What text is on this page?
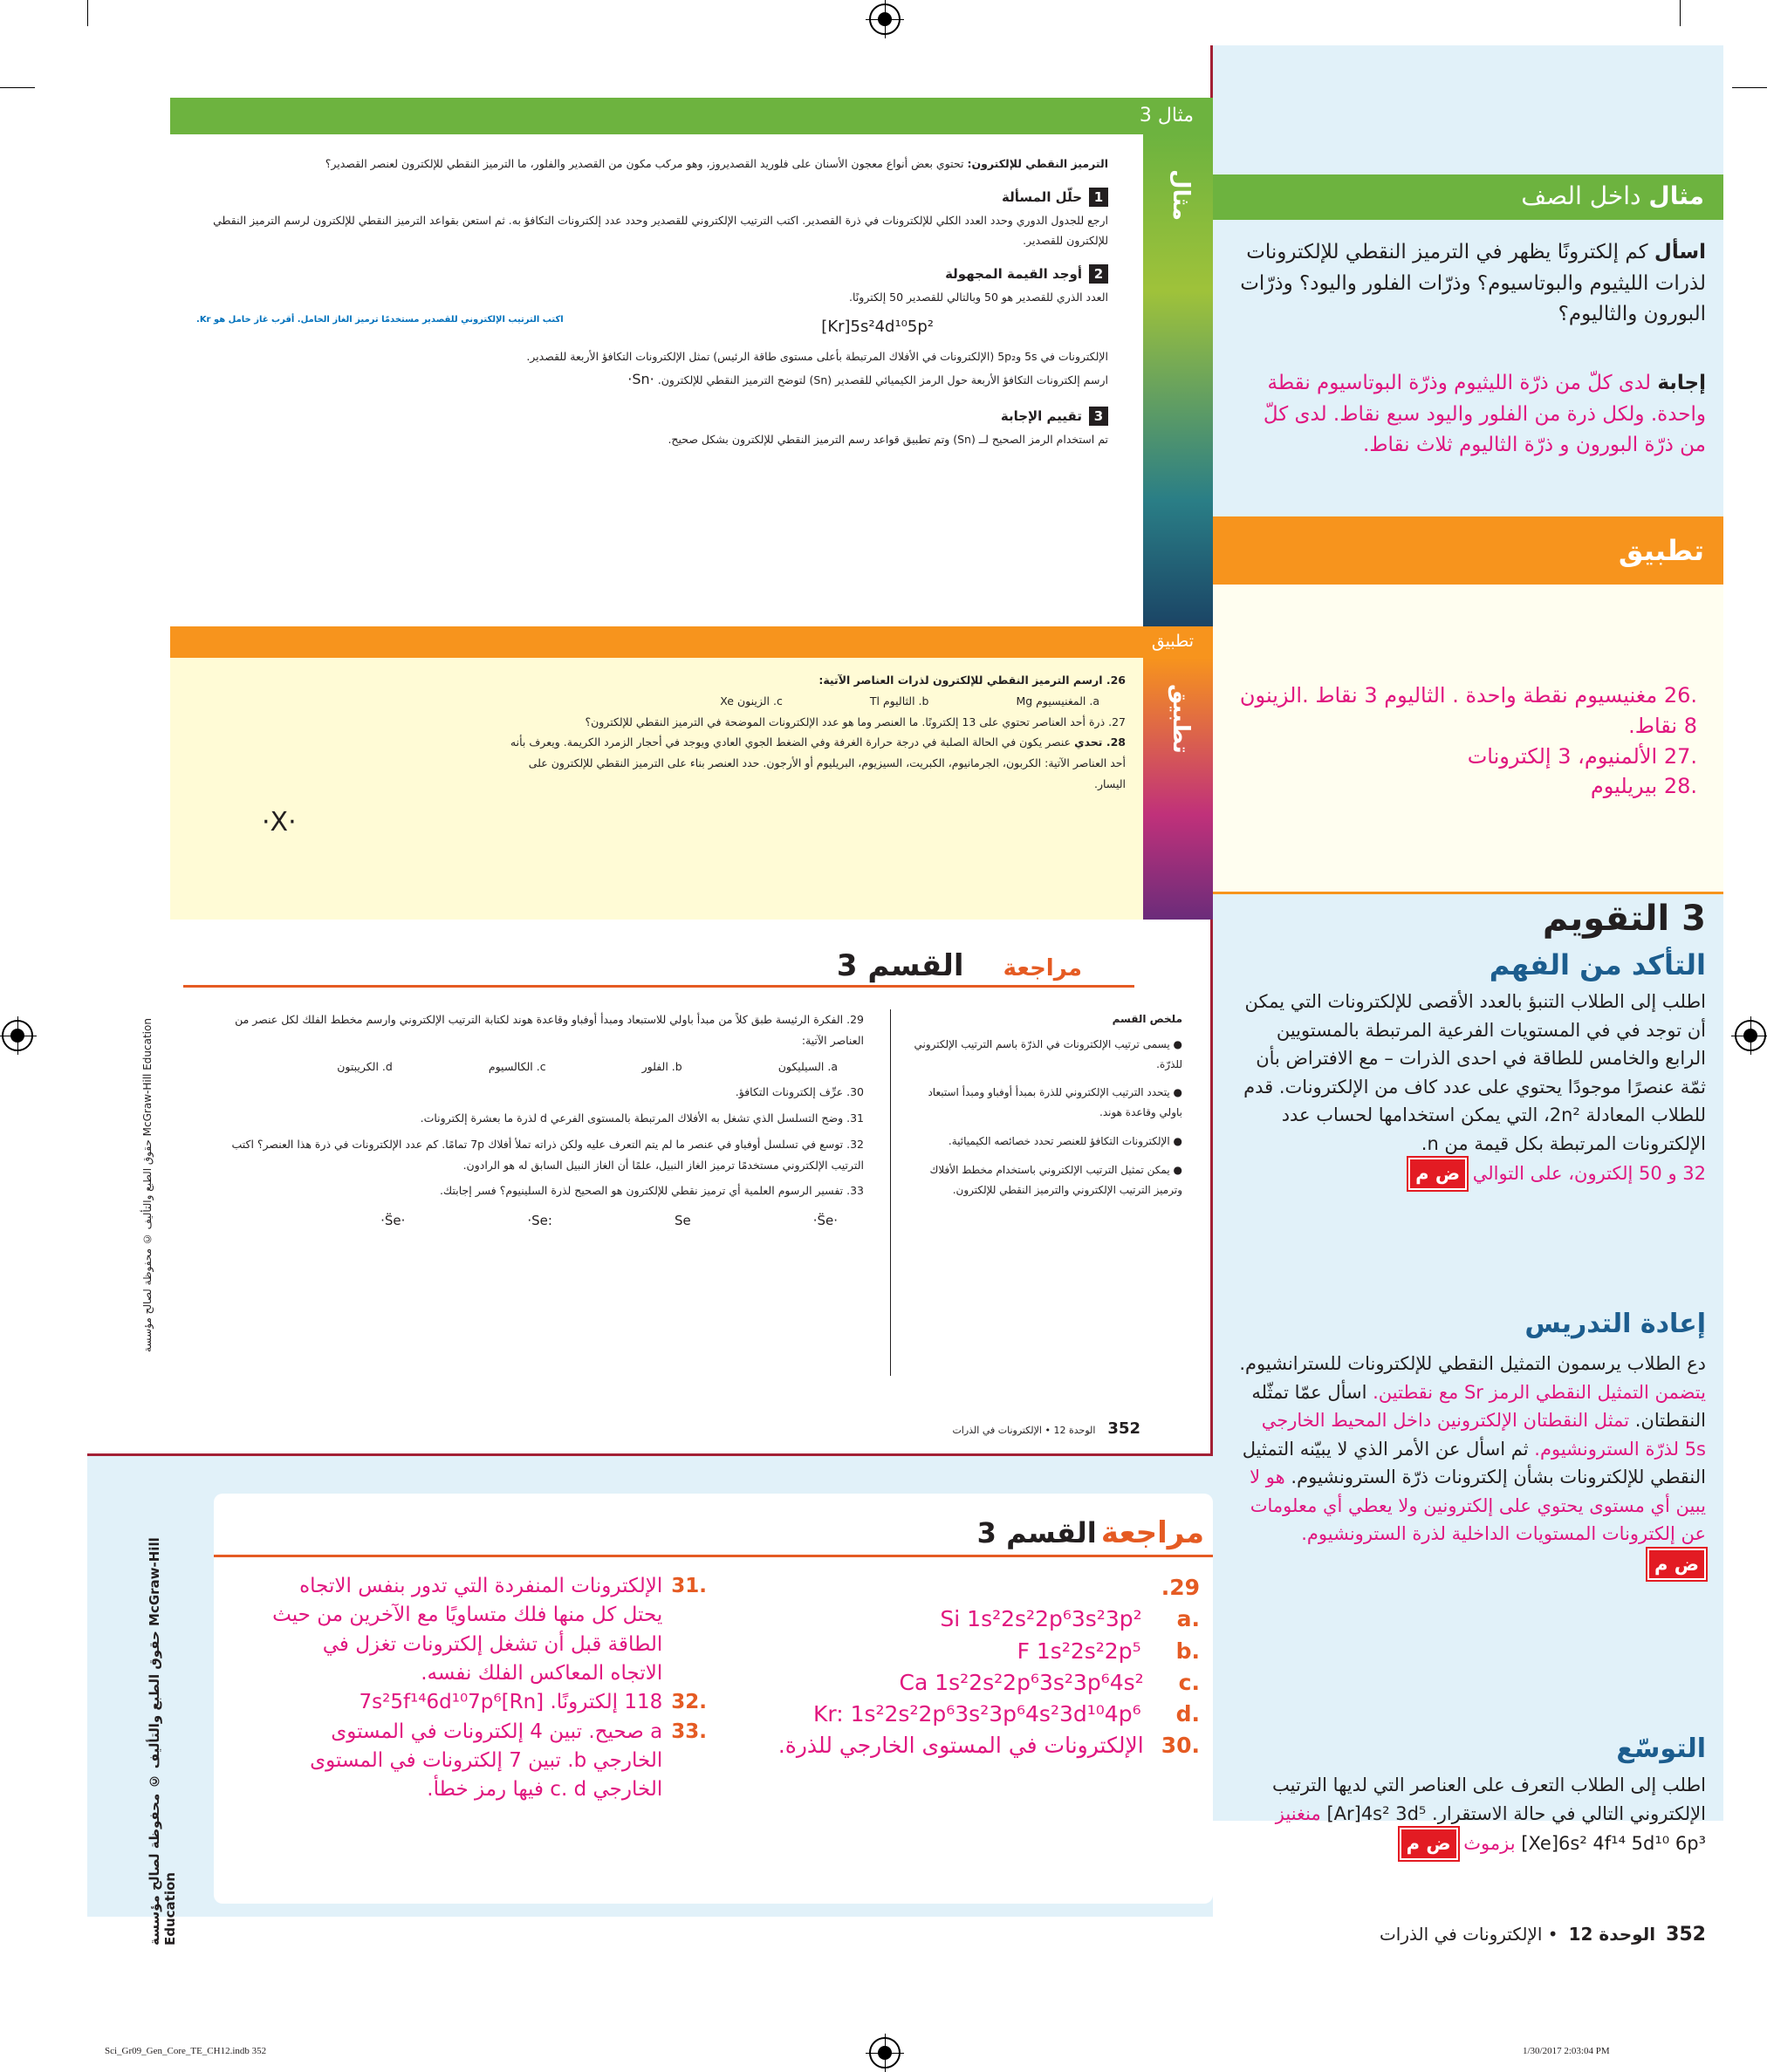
مثال 3
الترميز النقطي للإلكترون: تحتوي بعض أنواع معجون الأسنان على فلوريد القصديروز، وهو مركب مكون من القصدير والفلور، ما الترميز النقطي للإلكترون لعنصر القصدير؟
1حلّل المسألة
ارجع للجدول الدوري وحدد العدد الكلي للإلكترونات في ذرة القصدير. اكتب الترتيب الإلكتروني للقصدير وحدد عدد إلكترونات التكافؤ به. ثم استعن بقواعد الترميز النقطي للإلكترون لرسم الترميز النقطي للإلكترون للقصدير.
2أوجد القيمة المجهولة
العدد الذري للقصدير هو 50 وبالتالي للقصدير 50 إلكترونًا.
اكتب الترتيب الإلكتروني للقصدير مستخدمًا ترميز الغاز الخامل. أقرب غاز خامل هو Kr.	[Kr]5s²4d¹⁰5p²
الإلكترونات في 5s و5p₂ (الإلكترونات في الأفلاك المرتبطة بأعلى مستوى طاقة الرئيس) تمثل الإلكترونات التكافؤ الأربعة للقصدير.
ارسم إلكترونات التكافؤ الأربعة حول الرمز الكيميائي للقصدير (Sn) لتوضح الترميز النقطي للإلكترون. ·Sn·
3تقييم الإجابة
تم استخدام الرمز الصحيح لــ (Sn) وتم تطبيق قواعد رسم الترميز النقطي للإلكترون بشكل صحيح.
مثال
تطبيق
26. ارسم الترميز النقطي للإلكترون لذرات العناصر الآتية:
a. المغنيسيوم Mg
b. الثاليوم Tl
c. الزينون Xe
27. ذرة أحد العناصر تحتوي على 13 إلكترونًا. ما العنصر وما هو عدد الإلكترونات الموضحة في الترميز النقطي للإلكترون؟
28. تحدي عنصر يكون في الحالة الصلبة في درجة حرارة الغرفة وفي الضغط الجوي العادي ويوجد في أحجار الزمرد الكريمة. ويعرف بأنه أحد العناصر الآتية: الكربون، الجرمانيوم، الكبريت، السيزيوم، البريليوم أو الأرجون. حدد العنصر بناء على الترميز النقطي للإلكترون على اليسار.
·X·
تطبيق
مراجعة القسم 3
29. الفكرة الرئيسة طبق كلاً من مبدأ باولي للاستبعاد ومبدأ أوفباو وقاعدة هوند لكتابة الترتيب الإلكتروني وارسم مخطط الفلك لكل عنصر من العناصر الآتية:
a. السيليكون
b. الفلور
c. الكالسيوم
d. الكريبتون
30. عرِّف إلكترونات التكافؤ.
31. وضح التسلسل الذي تشغل به الأفلاك المرتبطة بالمستوى الفرعي d لذرة ما بعشرة إلكترونات.
32. توسع في تسلسل أوفباو في عنصر ما لم يتم التعرف عليه ولكن ذراته تملأ أفلاك 7p تمامًا. كم عدد الإلكترونات في ذرة هذا العنصر؟ اكتب الترتيب الإلكتروني مستخدمًا ترميز الغاز النبيل، علمًا أن الغاز النبيل السابق له هو الرادون.
33. تفسير الرسوم العلمية أي ترميز نقطي للإلكترون هو الصحيح لذرة السلينيوم؟ فسر إجابتك.
·S̈e·	·Se:	Se	·S̈e·
ملخص القسم
● يسمى ترتيب الإلكترونات في الذرّة باسم الترتيب الإلكتروني للذرّة.
● يتحدد الترتيب الإلكتروني للذرة بمبدأ أوفباو ومبدأ استبعاد باولي وقاعدة هوند.
● الإلكترونات التكافؤ للعنصر تحدد خصائصه الكيميائية.
● يمكن تمثيل الترتيب الإلكتروني باستخدام مخطط الأفلاك وترميز الترتيب الإلكتروني والترميز النقطي للإلكترون.
352
الوحدة 12 • الإلكترونات في الذرات
حقوق الطبع والتأليف © محفوظة لصالح مؤسسة McGraw-Hill Education
مثال داخل الصف
اسأل كم إلكترونًا يظهر في الترميز النقطي للإلكترونات لذرات الليثيوم والبوتاسيوم؟ وذرّات الفلور واليود؟ وذرّات البورون والثاليوم؟
إجابة لدى كلّ من ذرّة الليثيوم وذرّة البوتاسيوم نقطة واحدة. ولكل ذرة من الفلور واليود سبع نقاط. لدى كلّ من ذرّة البورون و ذرّة الثاليوم ثلاث نقاط.
تطبيق
.26 مغنيسيوم نقطة واحدة . الثاليوم 3 نقاط .الزينون 8 نقاط.
.27 الألمنيوم، 3 إلكترونات
.28 بيريليوم
3 التقويم
التأكد من الفهم
اطلب إلى الطلاب التنبؤ بالعدد الأقصى للإلكترونات التي يمكن أن توجد في في المستويات الفرعية المرتبطة بالمستويين الرابع والخامس للطاقة في احدى الذرات – مع الافتراض بأن ثمّة عنصرًا موجودًا يحتوي على عدد كاف من الإلكترونات. قدم للطلاب المعادلة 2n²، التي يمكن استخدامها لحساب عدد الإلكترونات المرتبطة بكل قيمة من n.
32 و 50 إلكترون، على التوالي ض م
إعادة التدريس
دع الطلاب يرسمون التمثيل النقطي للإلكترونات للسترانشيوم. يتضمن التمثيل النقطي الرمز Sr مع نقطتين. اسأل عمّا تمثّله النقطتان. تمثل النقطتان الإلكترونين داخل المحيط الخارجي 5s لذرّة السترونشيوم. ثم اسأل عن الأمر الذي لا يبيّنه التمثيل النقطي للإلكترونات بشأن إلكترونات ذرّة السترونشيوم. هو لا يبين أي مستوى يحتوي على إلكترونين ولا يعطي أي معلومات عن إلكترونات المستويات الداخلية لذرة السترونشيوم. ض م
التوسّع
اطلب إلى الطلاب التعرف على العناصر التي لديها الترتيب الإلكتروني التالي في حالة الاستقرار. [Ar]4s² 3d⁵ منغنيز [Xe]6s² 4f¹⁴ 5d¹⁰ 6p³ بزموث ض م
352
الوحدة 12
• الإلكترونات في الذرات
حقوق الطبع والتأليف © محفوظة لصالح مؤسسة McGraw-Hill Education
مراجعة القسم 3
.29
.a
Si 1s²2s²2p⁶3s²3p²
.b
F 1s²2s²2p⁵
.c
Ca 1s²2s²2p⁶3s²3p⁶4s²
.d
Kr: 1s²2s²2p⁶3s²3p⁶4s²3d¹⁰4p⁶
.30
الإلكترونات في المستوى الخارجي للذرة.
.31
الإلكترونات المنفردة التي تدور بنفس الاتجاه يحتل كل منها فلك متساويًا مع الآخرين من حيث الطاقة قبل أن تشغل إلكترونات تغزل في الاتجاه المعاكس الفلك نفسه.
.32
118 إلكترونًا. [Rn]7s²5f¹⁴6d¹⁰7p⁶
.33
a صحيح. تبين 4 إلكترونات في المستوى الخارجي b. تبين 7 إلكترونات في المستوى الخارجي c. d فيها رمز خطأ.
Sci_Gr09_Gen_Core_TE_CH12.indb 352	1/30/2017 2:03:04 PM
